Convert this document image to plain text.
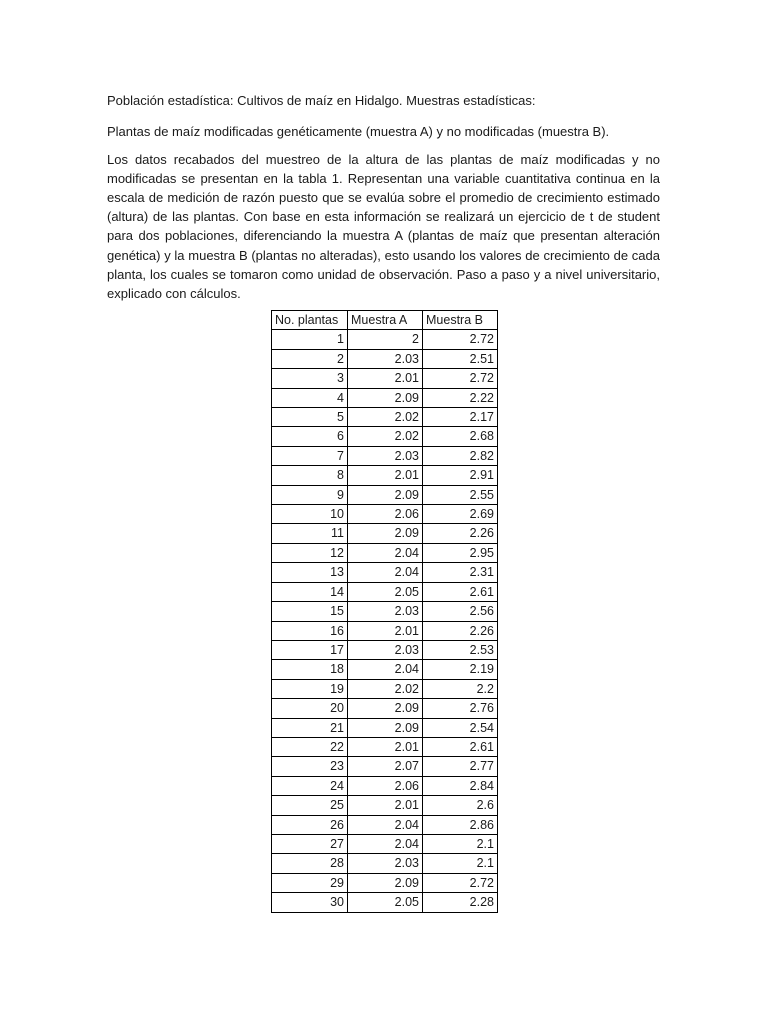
Población estadística: Cultivos de maíz en Hidalgo. Muestras estadísticas:

Plantas de maíz modificadas genéticamente (muestra A) y no modificadas (muestra B).

Los datos recabados del muestreo de la altura de las plantas de maíz modificadas y no modificadas se presentan en la tabla 1. Representan una variable cuantitativa continua en la escala de medición de razón puesto que se evalúa sobre el promedio de crecimiento estimado (altura) de las plantas. Con base en esta información se realizará un ejercicio de t de student para dos poblaciones, diferenciando la muestra A (plantas de maíz que presentan alteración genética) y la muestra B (plantas no alteradas), esto usando los valores de crecimiento de cada planta, los cuales se tomaron como unidad de observación. Paso a paso y a nivel universitario, explicado con cálculos.

No. plantas	Muestra A	Muestra B
1	2	2.72
2	2.03	2.51
3	2.01	2.72
4	2.09	2.22
5	2.02	2.17
6	2.02	2.68
7	2.03	2.82
8	2.01	2.91
9	2.09	2.55
10	2.06	2.69
11	2.09	2.26
12	2.04	2.95
13	2.04	2.31
14	2.05	2.61
15	2.03	2.56
16	2.01	2.26
17	2.03	2.53
18	2.04	2.19
19	2.02	2.2
20	2.09	2.76
21	2.09	2.54
22	2.01	2.61
23	2.07	2.77
24	2.06	2.84
25	2.01	2.6
26	2.04	2.86
27	2.04	2.1
28	2.03	2.1
29	2.09	2.72
30	2.05	2.28
